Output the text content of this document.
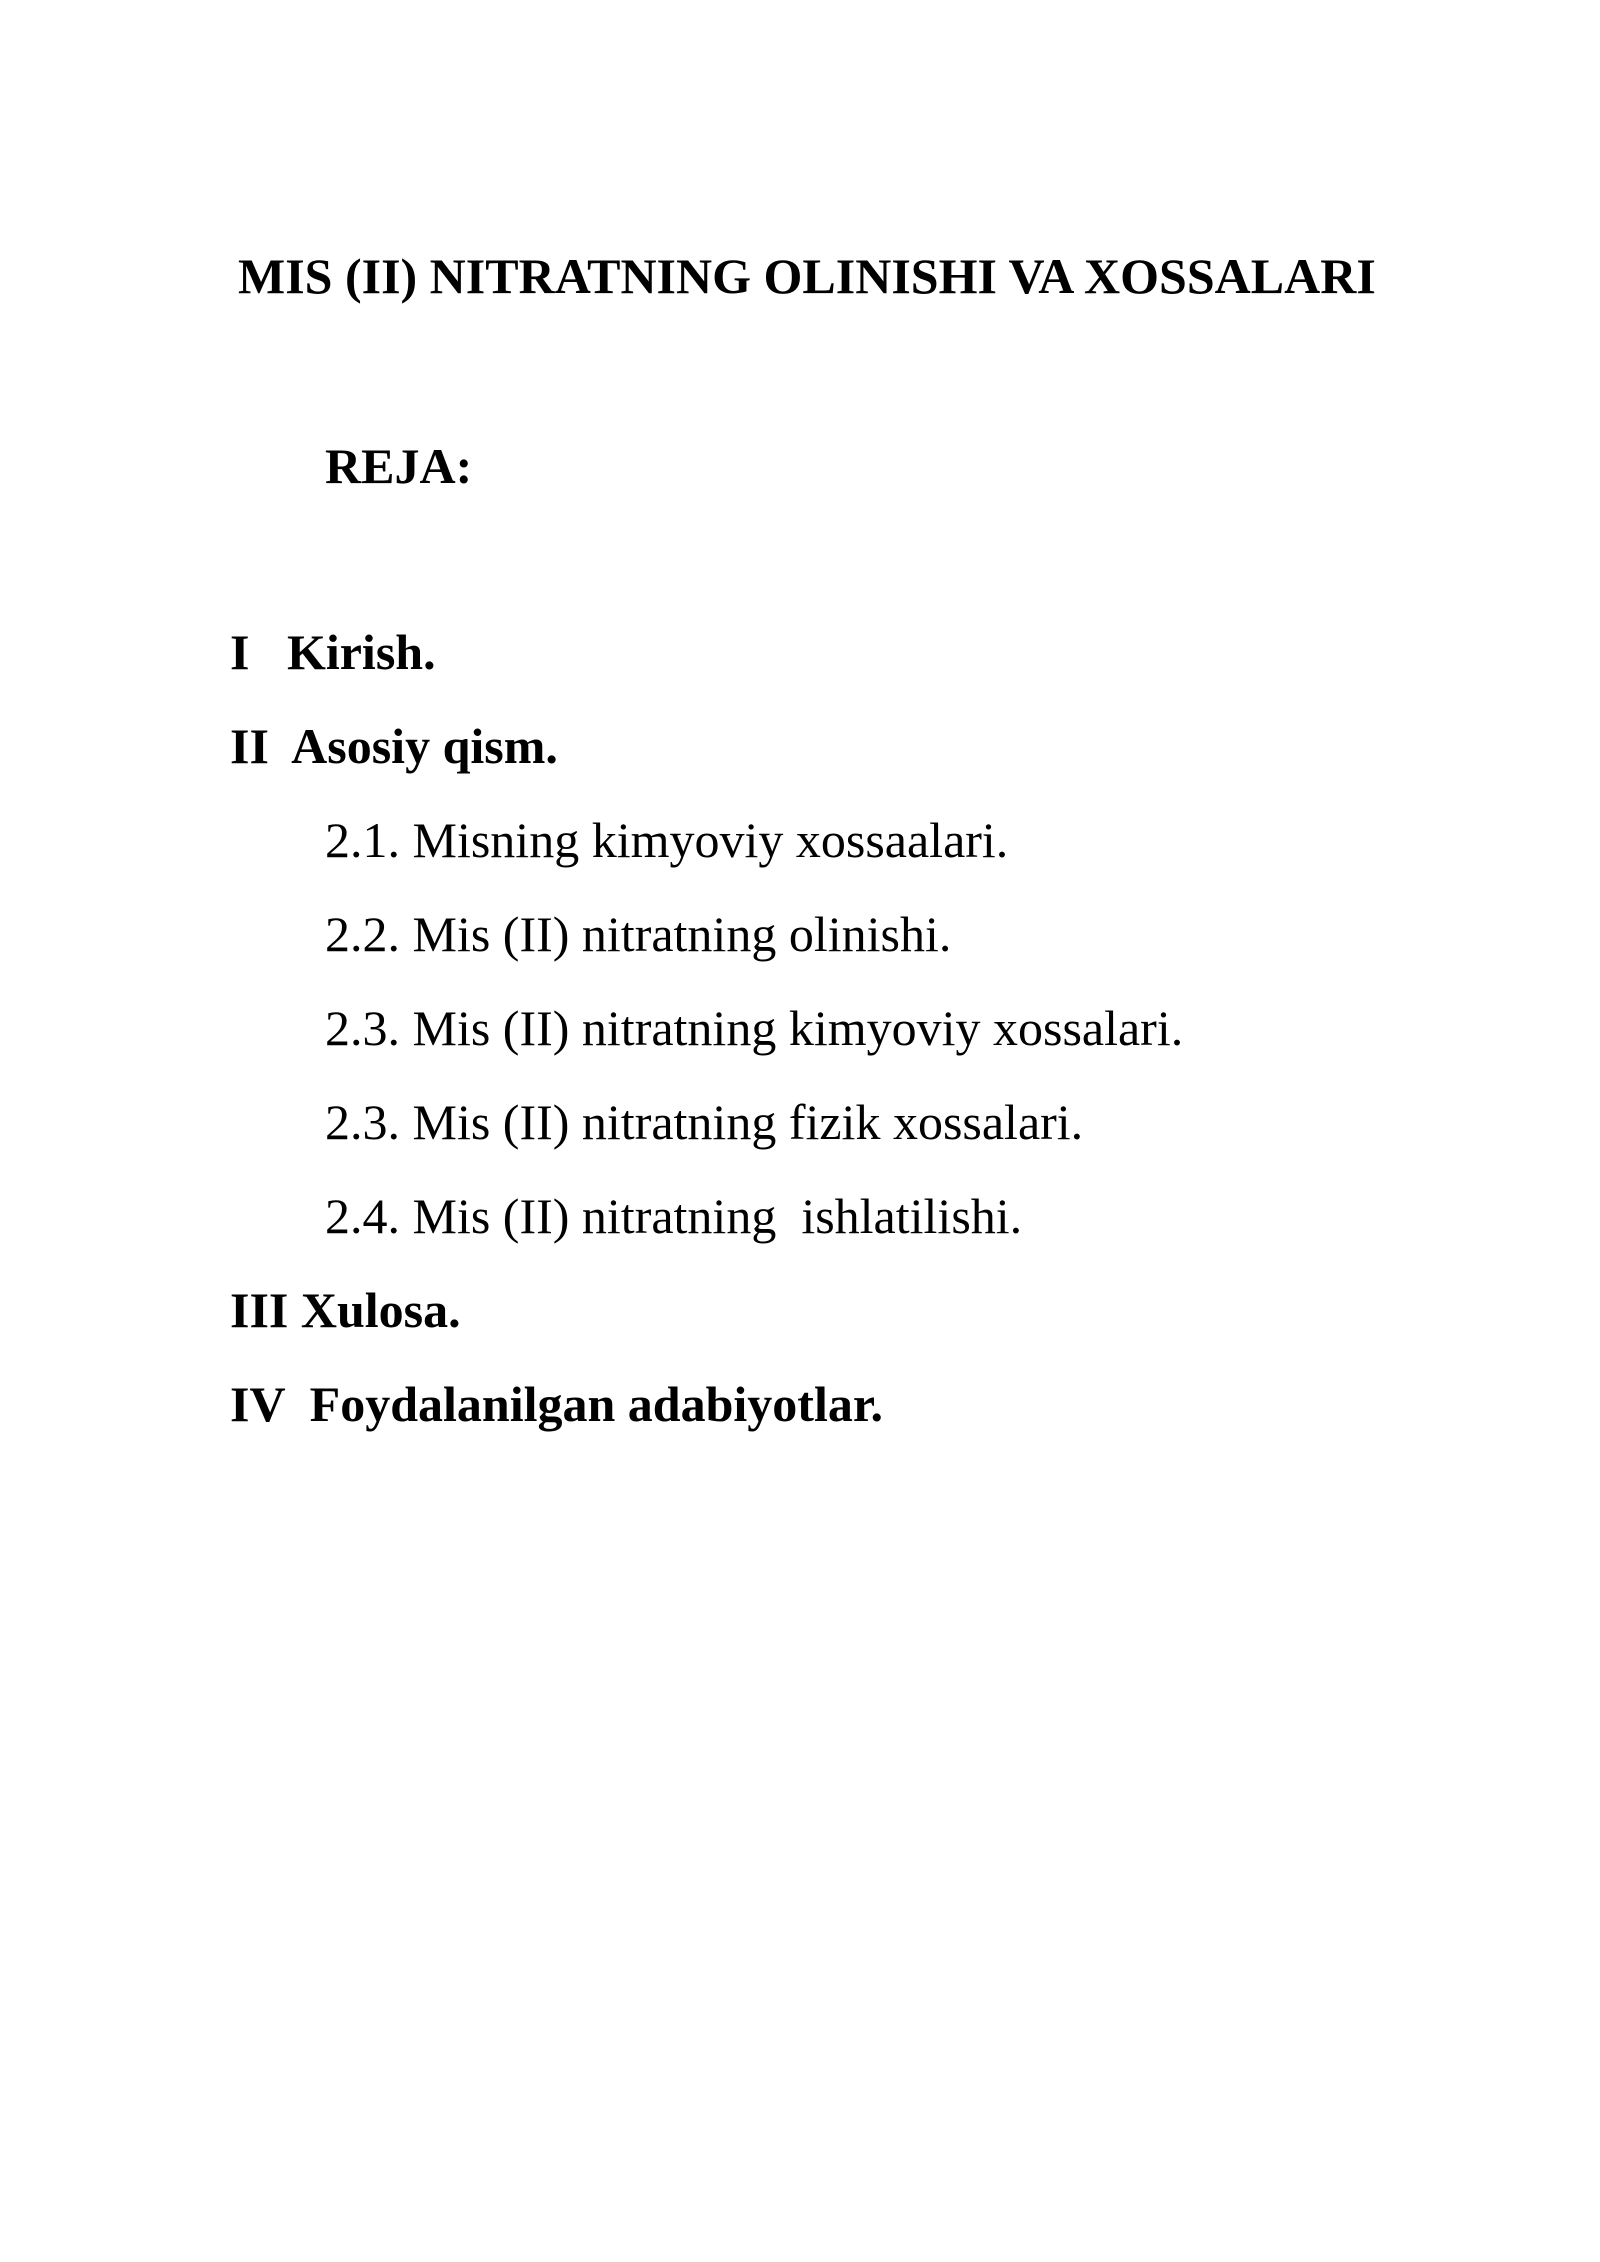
MIS (II) NITRATNING OLINISHI VA XOSSALARI
REJA:
I   Kirish.
II  Asosiy qism.
2.1. Misning kimyoviy xossaalari.
2.2. Mis (II) nitratning olinishi.
2.3. Mis (II) nitratning kimyoviy xossalari.
2.3. Mis (II) nitratning fizik xossalari.
2.4. Mis (II) nitratning  ishlatilishi.
III Xulosa.
IV  Foydalanilgan adabiyotlar.
